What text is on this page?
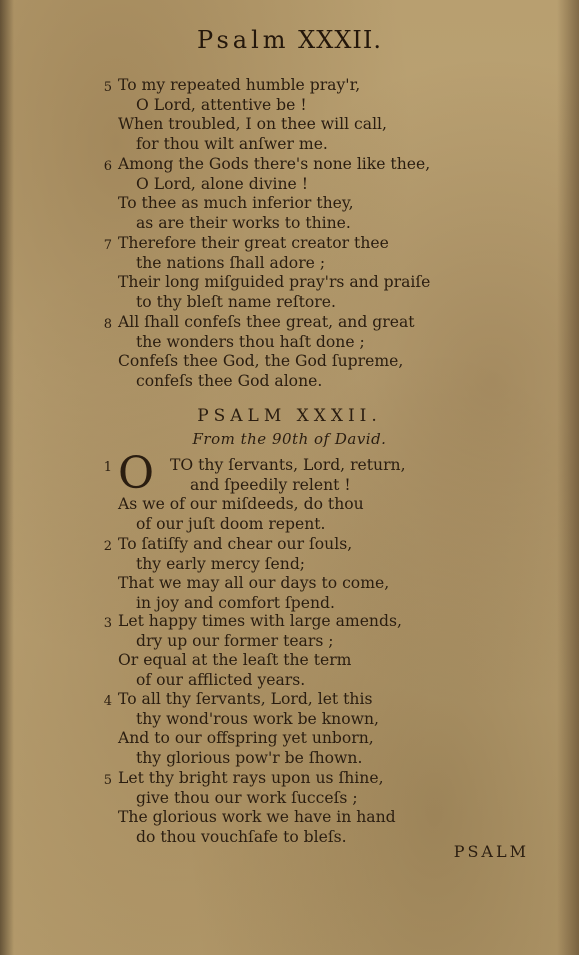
Psalm XXXII.
5 To my repeated humble pray'r,
O Lord, attentive be !
When troubled, I on thee will call,
for thou wilt anſwer me.
6 Among the Gods there's none like thee,
O Lord, alone divine !
To thee as much inferior they,
as are their works to thine.
7 Therefore their great creator thee
the nations ſhall adore ;
Their long miſguided pray'rs and praiſe
to thy bleſt name reſtore.
8 All ſhall confeſs thee great, and great
the wonders thou haſt done ;
Confeſs thee God, the God ſupreme,
confeſs thee God alone.
PSALM XXXII.
From the 90th of David.
O
1	TO thy ſervants, Lord, return,
and ſpeedily relent !
As we of our miſdeeds, do thou
of our juſt doom repent.
2 To ſatiſfy and chear our ſouls,
thy early mercy ſend;
That we may all our days to come,
in joy and comfort ſpend.
3 Let happy times with large amends,
dry up our former tears ;
Or equal at the leaſt the term
of our afflicted years.
4 To all thy ſervants, Lord, let this
thy wond'rous work be known,
And to our offspring yet unborn,
thy glorious pow'r be ſhown.
5 Let thy bright rays upon us ſhine,
give thou our work ſucceſs ;
The glorious work we have in hand
do thou vouchſafe to bleſs.
PSALM
